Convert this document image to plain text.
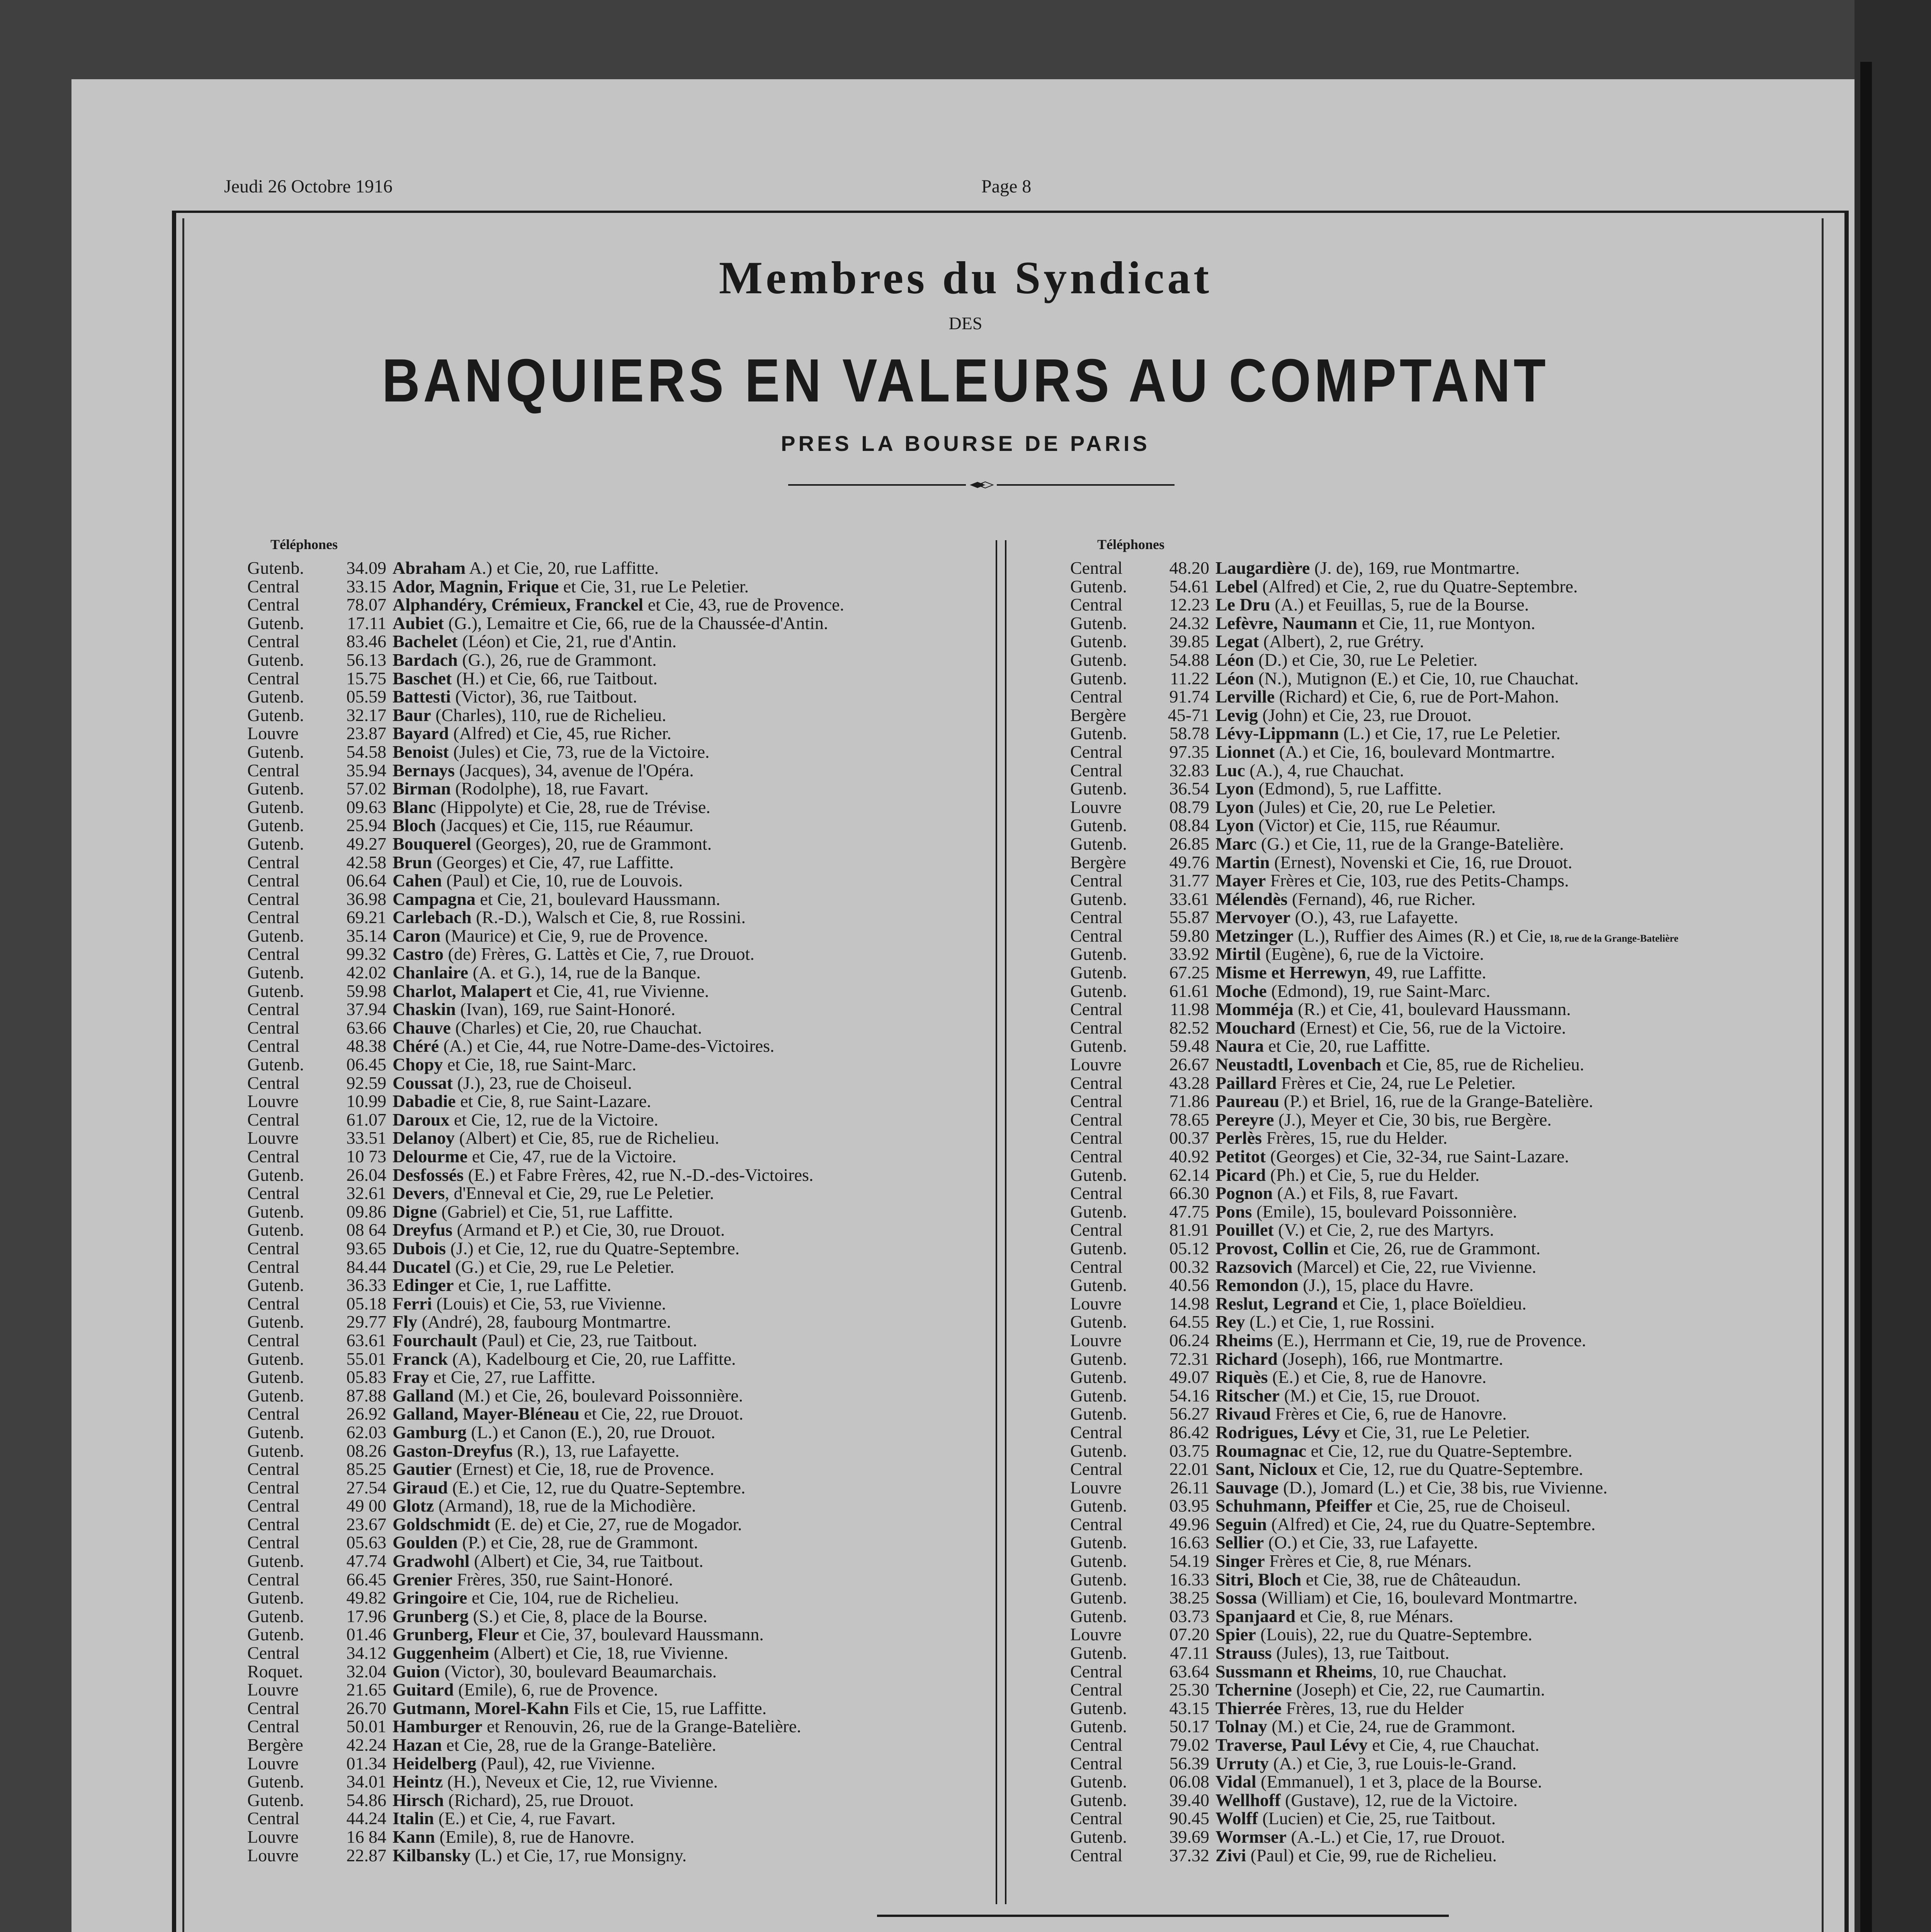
Jeudi 26 Octobre 1916	Page 8
Membres du Syndicat
DES
BANQUIERS EN VALEURS AU COMPTANT
PRES LA BOURSE DE PARIS
Téléphones	Téléphones
Gutenb. 34.09 Abraham A.) et Cie, 20, rue Laffitte.
Central	33.15 Ador, Magnin, Frique et Cie, 31, rue Le Peletier.
Central	78.07 Alphandéry, Crémieux, Franckel et Cie, 43, rue de Provence.
Gutenb. 17.11 Aubiet (G.), Lemaitre et Cie, 66, rue de la Chaussée-d'Antin.
Central	83.46 Bachelet (Léon) et Cie, 21, rue d'Antin.
Gutenb. 56.13 Bardach (G.), 26, rue de Grammont.
Central	15.75 Baschet (H.) et Cie, 66, rue Taitbout.
Gutenb. 05.59 Battesti (Victor), 36, rue Taitbout.
Gutenb. 32.17 Baur (Charles), 110, rue de Richelieu.
Louvre	23.87 Bayard (Alfred) et Cie, 45, rue Richer.
Gutenb. 54.58 Benoist (Jules) et Cie, 73, rue de la Victoire.
Central	35.94 Bernays (Jacques), 34, avenue de l'Opéra.
Gutenb. 57.02 Birman (Rodolphe), 18, rue Favart.
Gutenb. 09.63 Blanc (Hippolyte) et Cie, 28, rue de Trévise.
Gutenb. 25.94 Bloch (Jacques) et Cie, 115, rue Réaumur.
Gutenb. 49.27 Bouquerel (Georges), 20, rue de Grammont.
Central	42.58 Brun (Georges) et Cie, 47, rue Laffitte.
Central	06.64 Cahen (Paul) et Cie, 10, rue de Louvois.
Central	36.98 Campagna et Cie, 21, boulevard Haussmann.
Central	69.21 Carlebach (R.-D.), Walsch et Cie, 8, rue Rossini.
Gutenb. 35.14 Caron (Maurice) et Cie, 9, rue de Provence.
Central	99.32 Castro (de) Frères, G. Lattès et Cie, 7, rue Drouot.
Gutenb. 42.02 Chanlaire (A. et G.), 14, rue de la Banque.
Gutenb. 59.98 Charlot, Malapert et Cie, 41, rue Vivienne.
Central	37.94 Chaskin (Ivan), 169, rue Saint-Honoré.
Central	63.66 Chauve (Charles) et Cie, 20, rue Chauchat.
Central	48.38 Chéré (A.) et Cie, 44, rue Notre-Dame-des-Victoires.
Gutenb. 06.45 Chopy et Cie, 18, rue Saint-Marc.
Central	92.59 Coussat (J.), 23, rue de Choiseul.
Louvre	10.99 Dabadie et Cie, 8, rue Saint-Lazare.
Central	61.07 Daroux et Cie, 12, rue de la Victoire.
Louvre	33.51 Delanoy (Albert) et Cie, 85, rue de Richelieu.
Central	10 73 Delourme et Cie, 47, rue de la Victoire.
Gutenb. 26.04 Desfossés (E.) et Fabre Frères, 42, rue N.-D.-des-Victoires.
Central	32.61 Devers, d'Enneval et Cie, 29, rue Le Peletier.
Gutenb. 09.86 Digne (Gabriel) et Cie, 51, rue Laffitte.
Gutenb. 08 64 Dreyfus (Armand et P.) et Cie, 30, rue Drouot.
Central	93.65 Dubois (J.) et Cie, 12, rue du Quatre-Septembre.
Central	84.44 Ducatel (G.) et Cie, 29, rue Le Peletier.
Gutenb. 36.33 Edinger et Cie, 1, rue Laffitte.
Central	05.18 Ferri (Louis) et Cie, 53, rue Vivienne.
Gutenb. 29.77 Fly (André), 28, faubourg Montmartre.
Central	63.61 Fourchault (Paul) et Cie, 23, rue Taitbout.
Gutenb. 55.01 Franck (A), Kadelbourg et Cie, 20, rue Laffitte.
Gutenb. 05.83 Fray et Cie, 27, rue Laffitte.
Gutenb. 87.88 Galland (M.) et Cie, 26, boulevard Poissonnière.
Central	26.92 Galland, Mayer-Bléneau et Cie, 22, rue Drouot.
Gutenb. 62.03 Gamburg (L.) et Canon (E.), 20, rue Drouot.
Gutenb. 08.26 Gaston-Dreyfus (R.), 13, rue Lafayette.
Central	85.25 Gautier (Ernest) et Cie, 18, rue de Provence.
Central	27.54 Giraud (E.) et Cie, 12, rue du Quatre-Septembre.
Central	49 00 Glotz (Armand), 18, rue de la Michodière.
Central	23.67 Goldschmidt (E. de) et Cie, 27, rue de Mogador.
Central	05.63 Goulden (P.) et Cie, 28, rue de Grammont.
Gutenb. 47.74 Gradwohl (Albert) et Cie, 34, rue Taitbout.
Central	66.45 Grenier Frères, 350, rue Saint-Honoré.
Gutenb. 49.82 Gringoire et Cie, 104, rue de Richelieu.
Gutenb. 17.96 Grunberg (S.) et Cie, 8, place de la Bourse.
Gutenb. 01.46 Grunberg, Fleur et Cie, 37, boulevard Haussmann.
Central	34.12 Guggenheim (Albert) et Cie, 18, rue Vivienne.
Roquet. 32.04 Guion (Victor), 30, boulevard Beaumarchais.
Louvre	21.65 Guitard (Emile), 6, rue de Provence.
Central	26.70 Gutmann, Morel-Kahn Fils et Cie, 15, rue Laffitte.
Central	50.01 Hamburger et Renouvin, 26, rue de la Grange-Batelière.
Bergère 42.24 Hazan et Cie, 28, rue de la Grange-Batelière.
Louvre	01.34 Heidelberg (Paul), 42, rue Vivienne.
Gutenb. 34.01 Heintz (H.), Neveux et Cie, 12, rue Vivienne.
Gutenb. 54.86 Hirsch (Richard), 25, rue Drouot.
Central	44.24 Italin (E.) et Cie, 4, rue Favart.
Louvre	16 84 Kann (Emile), 8, rue de Hanovre.
Louvre	22.87 Kilbansky (L.) et Cie, 17, rue Monsigny.
Central	48.20 Laugardière (J. de), 169, rue Montmartre.
Gutenb. 54.61 Lebel (Alfred) et Cie, 2, rue du Quatre-Septembre.
Central	12.23 Le Dru (A.) et Feuillas, 5, rue de la Bourse.
Gutenb. 24.32 Lefèvre, Naumann et Cie, 11, rue Montyon.
Gutenb. 39.85 Legat (Albert), 2, rue Grétry.
Gutenb. 54.88 Léon (D.) et Cie, 30, rue Le Peletier.
Gutenb. 11.22 Léon (N.), Mutignon (E.) et Cie, 10, rue Chauchat.
Central	91.74 Lerville (Richard) et Cie, 6, rue de Port-Mahon.
Bergère 45-71 Levig (John) et Cie, 23, rue Drouot.
Gutenb. 58.78 Lévy-Lippmann (L.) et Cie, 17, rue Le Peletier.
Central	97.35 Lionnet (A.) et Cie, 16, boulevard Montmartre.
Central	32.83 Luc (A.), 4, rue Chauchat.
Gutenb. 36.54 Lyon (Edmond), 5, rue Laffitte.
Louvre	08.79 Lyon (Jules) et Cie, 20, rue Le Peletier.
Gutenb. 08.84 Lyon (Victor) et Cie, 115, rue Réaumur.
Gutenb. 26.85 Marc (G.) et Cie, 11, rue de la Grange-Batelière.
Bergère 49.76 Martin (Ernest), Novenski et Cie, 16, rue Drouot.
Central	31.77 Mayer Frères et Cie, 103, rue des Petits-Champs.
Gutenb. 33.61 Mélendès (Fernand), 46, rue Richer.
Central	55.87 Mervoyer (O.), 43, rue Lafayette.
Central	59.80 Metzinger (L.), Ruffier des Aimes (R.) et Cie, 18, rue de la Grange-Batelière
Gutenb. 33.92 Mirtil (Eugène), 6, rue de la Victoire.
Gutenb. 67.25 Misme et Herrewyn, 49, rue Laffitte.
Gutenb. 61.61 Moche (Edmond), 19, rue Saint-Marc.
Central	11.98 Momméja (R.) et Cie, 41, boulevard Haussmann.
Central	82.52 Mouchard (Ernest) et Cie, 56, rue de la Victoire.
Gutenb. 59.48 Naura et Cie, 20, rue Laffitte.
Louvre	26.67 Neustadtl, Lovenbach et Cie, 85, rue de Richelieu.
Central	43.28 Paillard Frères et Cie, 24, rue Le Peletier.
Central	71.86 Paureau (P.) et Briel, 16, rue de la Grange-Batelière.
Central	78.65 Pereyre (J.), Meyer et Cie, 30 bis, rue Bergère.
Central	00.37 Perlès Frères, 15, rue du Helder.
Central	40.92 Petitot (Georges) et Cie, 32-34, rue Saint-Lazare.
Gutenb. 62.14 Picard (Ph.) et Cie, 5, rue du Helder.
Central	66.30 Pognon (A.) et Fils, 8, rue Favart.
Gutenb. 47.75 Pons (Emile), 15, boulevard Poissonnière.
Central	81.91 Pouillet (V.) et Cie, 2, rue des Martyrs.
Gutenb. 05.12 Provost, Collin et Cie, 26, rue de Grammont.
Central	00.32 Razsovich (Marcel) et Cie, 22, rue Vivienne.
Gutenb. 40.56 Remondon (J.), 15, place du Havre.
Louvre	14.98 Reslut, Legrand et Cie, 1, place Boïeldieu.
Gutenb. 64.55 Rey (L.) et Cie, 1, rue Rossini.
Louvre	06.24 Rheims (E.), Herrmann et Cie, 19, rue de Provence.
Gutenb. 72.31 Richard (Joseph), 166, rue Montmartre.
Gutenb. 49.07 Riquès (E.) et Cie, 8, rue de Hanovre.
Gutenb. 54.16 Ritscher (M.) et Cie, 15, rue Drouot.
Gutenb. 56.27 Rivaud Frères et Cie, 6, rue de Hanovre.
Central	86.42 Rodrigues, Lévy et Cie, 31, rue Le Peletier.
Gutenb. 03.75 Roumagnac et Cie, 12, rue du Quatre-Septembre.
Central	22.01 Sant, Nicloux et Cie, 12, rue du Quatre-Septembre.
Louvre	26.11 Sauvage (D.), Jomard (L.) et Cie, 38 bis, rue Vivienne.
Gutenb. 03.95 Schuhmann, Pfeiffer et Cie, 25, rue de Choiseul.
Central	49.96 Seguin (Alfred) et Cie, 24, rue du Quatre-Septembre.
Gutenb. 16.63 Sellier (O.) et Cie, 33, rue Lafayette.
Gutenb. 54.19 Singer Frères et Cie, 8, rue Ménars.
Gutenb. 16.33 Sitri, Bloch et Cie, 38, rue de Châteaudun.
Gutenb. 38.25 Sossa (William) et Cie, 16, boulevard Montmartre.
Gutenb. 03.73 Spanjaard et Cie, 8, rue Ménars.
Louvre	07.20 Spier (Louis), 22, rue du Quatre-Septembre.
Gutenb. 47.11 Strauss (Jules), 13, rue Taitbout.
Central	63.64 Sussmann et Rheims, 10, rue Chauchat.
Central	25.30 Tchernine (Joseph) et Cie, 22, rue Caumartin.
Gutenb. 43.15 Thierrée Frères, 13, rue du Helder
Gutenb. 50.17 Tolnay (M.) et Cie, 24, rue de Grammont.
Central	79.02 Traverse, Paul Lévy et Cie, 4, rue Chauchat.
Central	56.39 Urruty (A.) et Cie, 3, rue Louis-le-Grand.
Gutenb. 06.08 Vidal (Emmanuel), 1 et 3, place de la Bourse.
Gutenb. 39.40 Wellhoff (Gustave), 12, rue de la Victoire.
Central	90.45 Wolff (Lucien) et Cie, 25, rue Taitbout.
Gutenb. 39.69 Wormser (A.-L.) et Cie, 17, rue Drouot.
Central	37.32 Zivi (Paul) et Cie, 99, rue de Richelieu.
